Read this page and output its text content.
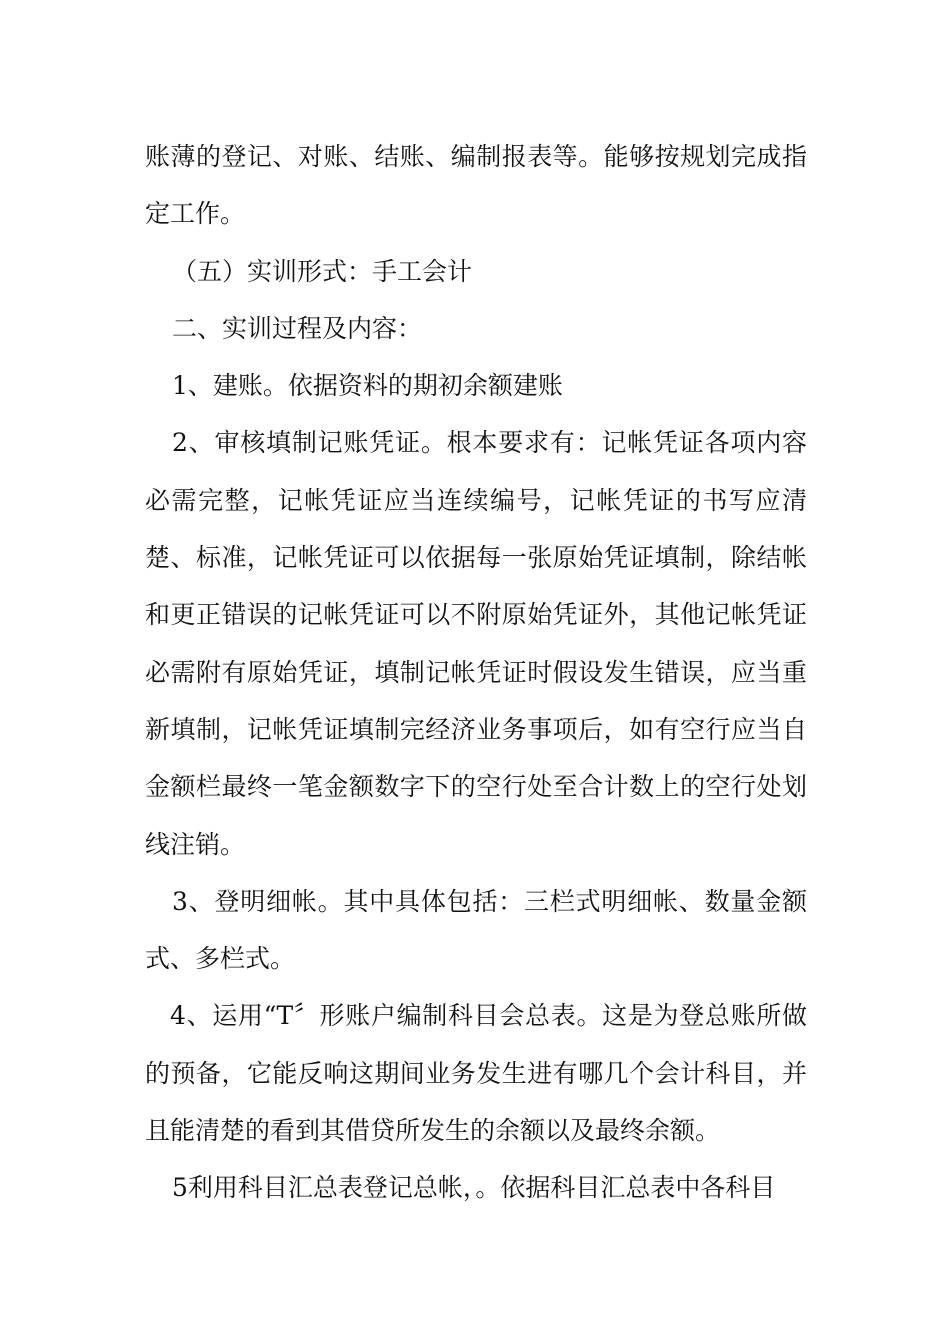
账薄的登记、对账、结账、编制报表等。能够按规划完成指定工作。

（五）实训形式：手工会计

二、实训过程及内容：

1、建账。依据资料的期初余额建账

2、审核填制记账凭证。根本要求有：记帐凭证各项内容必需完整，记帐凭证应当连续编号，记帐凭证的书写应清楚、标准，记帐凭证可以依据每一张原始凭证填制，除结帐和更正错误的记帐凭证可以不附原始凭证外，其他记帐凭证必需附有原始凭证，填制记帐凭证时假设发生错误，应当重新填制，记帐凭证填制完经济业务事项后，如有空行应当自金额栏最终一笔金额数字下的空行处至合计数上的空行处划线注销。

3、登明细帐。其中具体包括：三栏式明细帐、数量金额式、多栏式。

4、运用“T〞形账户编制科目会总表。这是为登总账所做的预备，它能反响这期间业务发生进有哪几个会计科目，并且能清楚的看到其借贷所发生的余额以及最终余额。

5利用科目汇总表登记总帐，。依据科目汇总表中各科目
